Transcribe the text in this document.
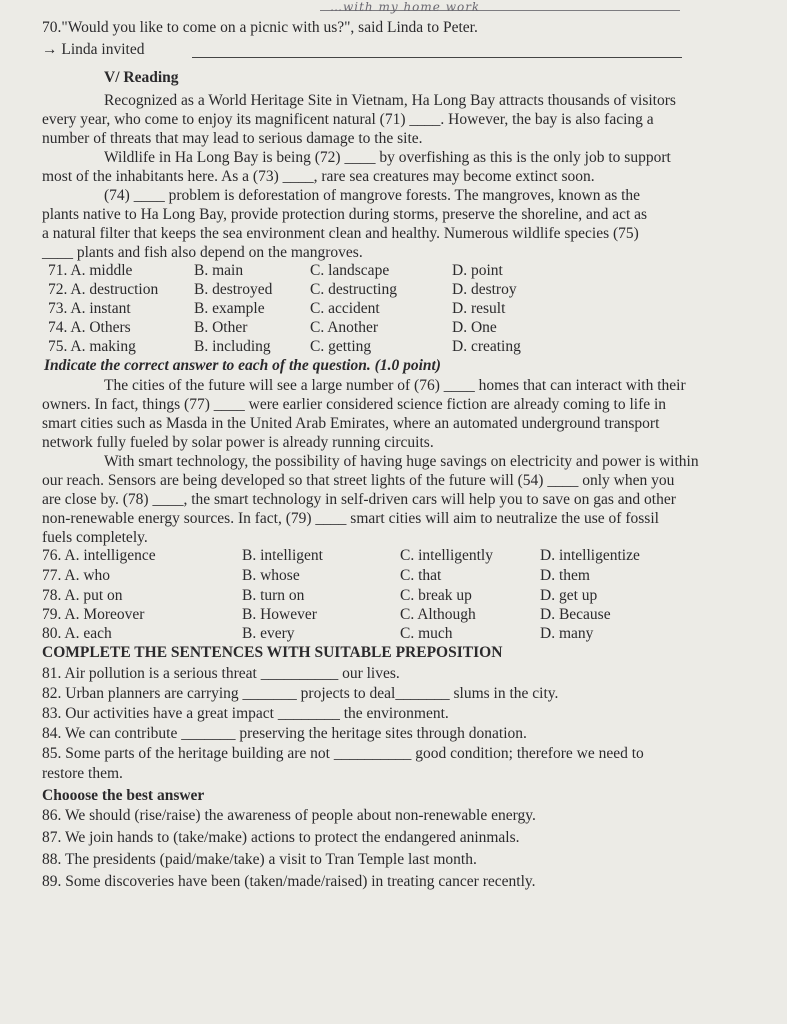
…with my home work
70."Would you like to come on a picnic with us?", said Linda to Peter.
→ Linda invited
V/ Reading
Recognized as a World Heritage Site in Vietnam, Ha Long Bay attracts thousands of visitors
every year, who come to enjoy its magnificent natural (71) ____. However, the bay is also facing a
number of threats that may lead to serious damage to the site.
Wildlife in Ha Long Bay is being (72) ____ by overfishing as this is the only job to support
most of the inhabitants here. As a (73) ____, rare sea creatures may become extinct soon.
(74) ____ problem is deforestation of mangrove forests. The mangroves, known as the
plants native to Ha Long Bay, provide protection during storms, preserve the shoreline, and act as
a natural filter that keeps the sea environment clean and healthy. Numerous wildlife species (75)
____ plants and fish also depend on the mangroves.
71. A. middle	B. main	C. landscape	D. point
72. A. destruction B. destroyed C. destructing	D. destroy
73. A. instant	B. example	C. accident	D. result
74. A. Others	B. Other	C. Another	D. One
75. A. making	B. including	C. getting	D. creating
Indicate the correct answer to each of the question. (1.0 point)
The cities of the future will see a large number of (76) ____ homes that can interact with their
owners. In fact, things (77) ____ were earlier considered science fiction are already coming to life in
smart cities such as Masda in the United Arab Emirates, where an automated underground transport
network fully fueled by solar power is already running circuits.
With smart technology, the possibility of having huge savings on electricity and power is within
our reach. Sensors are being developed so that street lights of the future will (54) ____ only when you
are close by. (78) ____, the smart technology in self-driven cars will help you to save on gas and other
non-renewable energy sources. In fact, (79) ____ smart cities will aim to neutralize the use of fossil
fuels completely.
76. A. intelligence	B. intelligent	C. intelligently	D. intelligentize
77. A. who	B. whose	C. that	D. them
78. A. put on	B. turn on	C. break up	D. get up
79. A. Moreover	B. However	C. Although	D. Because
80. A. each	B. every	C. much	D. many
COMPLETE THE SENTENCES WITH SUITABLE PREPOSITION
81. Air pollution is a serious threat __________ our lives.
82. Urban planners are carrying _______ projects to deal_______ slums in the city.
83. Our activities have a great impact ________ the environment.
84. We can contribute _______ preserving the heritage sites through donation.
85. Some parts of the heritage building are not __________ good condition; therefore we need to
restore them.
Chooose the best answer
86. We should (rise/raise) the awareness of people about non-renewable energy.
87. We join hands to (take/make) actions to protect the endangered aninmals.
88. The presidents (paid/make/take) a visit to Tran Temple last month.
89. Some discoveries have been (taken/made/raised) in treating cancer recently.
